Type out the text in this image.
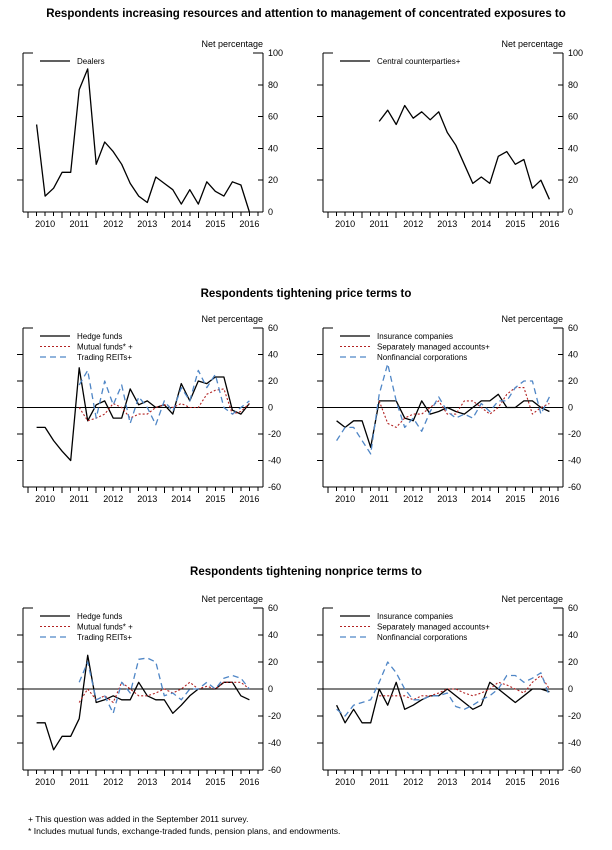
Respondents increasing resources and attention to management of concentrated exposures to
0
20
40
60
80
100
2010 2011 2012 2013 2014 2015 2016
Net percentage
Dealers
0
20
40
60
80
100
2010 2011 2012 2013 2014 2015 2016
Net percentage
Central counterparties+
Respondents tightening price terms to
-60
-40
-20
0
20
40
60
2010 2011 2012 2013 2014 2015 2016
Net percentage
Hedge funds
Mutual funds* +
Trading REITs+
-60
-40
-20
0
20
40
60
2010 2011 2012 2013 2014 2015 2016
Net percentage
Insurance companies
Separately managed accounts+
Nonfinancial corporations
Respondents tightening nonprice terms to
-60
-40
-20
0
20
40
60
2010 2011 2012 2013 2014 2015 2016
Net percentage
Hedge funds
Mutual funds* +
Trading REITs+
-60
-40
-20
0
20
40
60
2010 2011 2012 2013 2014 2015 2016
Net percentage
Insurance companies
Separately managed accounts+
Nonfinancial corporations
+ This question was added in the September 2011 survey.
* Includes mutual funds, exchange-traded funds, pension plans, and endowments.
